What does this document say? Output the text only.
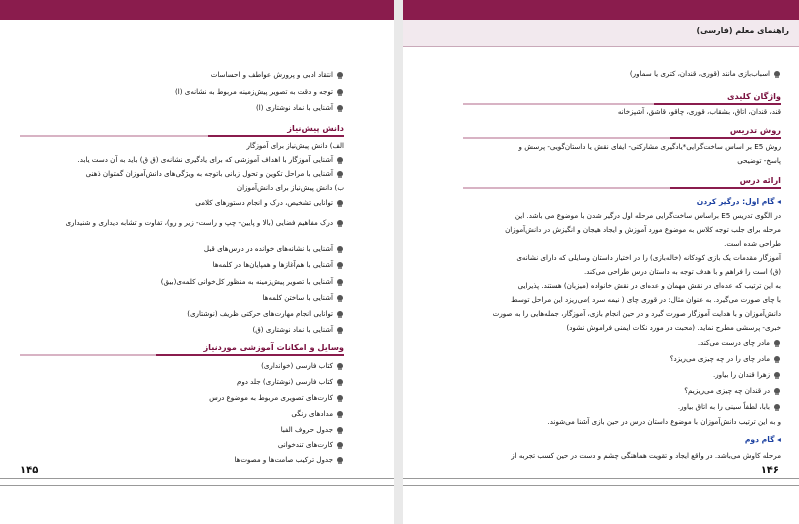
انتقاد ادبی و پرورش عواطف و احساسات
توجه و دقت به تصویر پیش‌زمینه مربوط به نشانه‌ی (ا)
آشنایی با نماد نوشتاری (ا)
دانش پیش‌نیاز
الف) دانش پیش‌نیاز برای آموزگار
آشنایی آموزگار با اهداف آموزشی که برای یادگیری نشانه‌ی (ق ق) باید به آن دست یابد.
آشنایی با مراحل تکوین و تحول زبانی باتوجه به ویژگی‌های دانش‌آموزان گمتوان ذهنی
ب) دانش پیش‌نیاز برای دانش‌آموزان
توانایی تشخیص، درک و انجام دستورهای کلامی
درک مفاهیم فضایی (بالا و پایین- چپ و راست- زیر و رو)، تفاوت و تشابه دیداری و شنیداری
آشنایی با نشانه‌های خوانده در درس‌های قبل
آشنایی با هم‌آغازها و همپایان‌ها در کلمه‌ها
آشنایی با تصویر پیش‌زمینه به منظور کل‌خوانی کلمه‌ی(بیق)
آشنایی با ساختن کلمه‌ها
توانایی انجام مهارت‌های حرکتی ظریف (نوشتاری)
آشنایی با نماد نوشتاری (ق)
وسایل و امکانات آموزشی موردنیاز
کتاب فارسی (خوانداری)
کتاب فارسی (نوشتاری) جلد دوم
کارت‌های تصویری مربوط به موضوع درس
مدادهای رنگی
جدول حروف الفبا
کارت‌های تندخوانی
جدول ترکیب صامت‌ها و مصوت‌ها
۱۴۵
راهنمای معلم (فارسی)
اسباب‌بازی مانند (قوری، قندان، کتری یا سماور)
واژگان کلیدی
قند، قندان، اتاق، بشقاب، قوری، چاقو، قاشق، آشپزخانه
روش تدریس
روش E5 بر اساس ساخت‌گرایی*یادگیری مشارکتی- ایفای نقش یا داستان‌گویی- پرسش و
پاسخ- توضیحی
ارائه درس
◂ گام اول: درگیر کردن
در الگوی تدریس E5 براساس ساخت‌گرایی مرحله اول درگیر شدن با موضوع می باشد. این
مرحله برای جلب توجه کلاس به موضوع مورد آموزش و ایجاد هیجان و انگیزش در دانش‌آموزان
طراحی شده است.
آموزگار مقدمات یک بازی کودکانه (خاله‌بازی) را در اختیار داستان وسایلی که دارای نشانه‌ی
(ق) است را فراهم و با هدف توجه به داستان درس طراحی می‌کند.
به این ترتیب که عده‌ای در نقش مهمان و عده‌ای در نقش خانواده (میزبان) هستند. پذیرایی
با چای صورت می‌گیرد. به عنوان مثال: در قوری چای ( نیمه سرد )می‌ریزد این مراحل توسط
دانش‌آموزان و با هدایت آموزگار صورت گیرد و در حین انجام بازی، آموزگار، جمله‌هایی را به صورت
خبری- پرسشی مطرح نماید. (محبت در مورد نکات ایمنی فراموش نشود)
مادر چای درست می‌کند.
مادر چای را در چه چیزی می‌ریزد؟
زهرا قندان را بیاور.
در قندان چه چیزی می‌ریزیم؟
بابا، لطفاً سینی را به اتاق بیاور.
و به این ترتیب دانش‌آموزان با موضوع داستان درس در حین بازی آشنا می‌شوند.
◂ گام دوم
مرحله کاوش می‌باشد. در واقع ایجاد و تقویت هماهنگی چشم و دست در حین کسب تجربه از
۱۴۶
